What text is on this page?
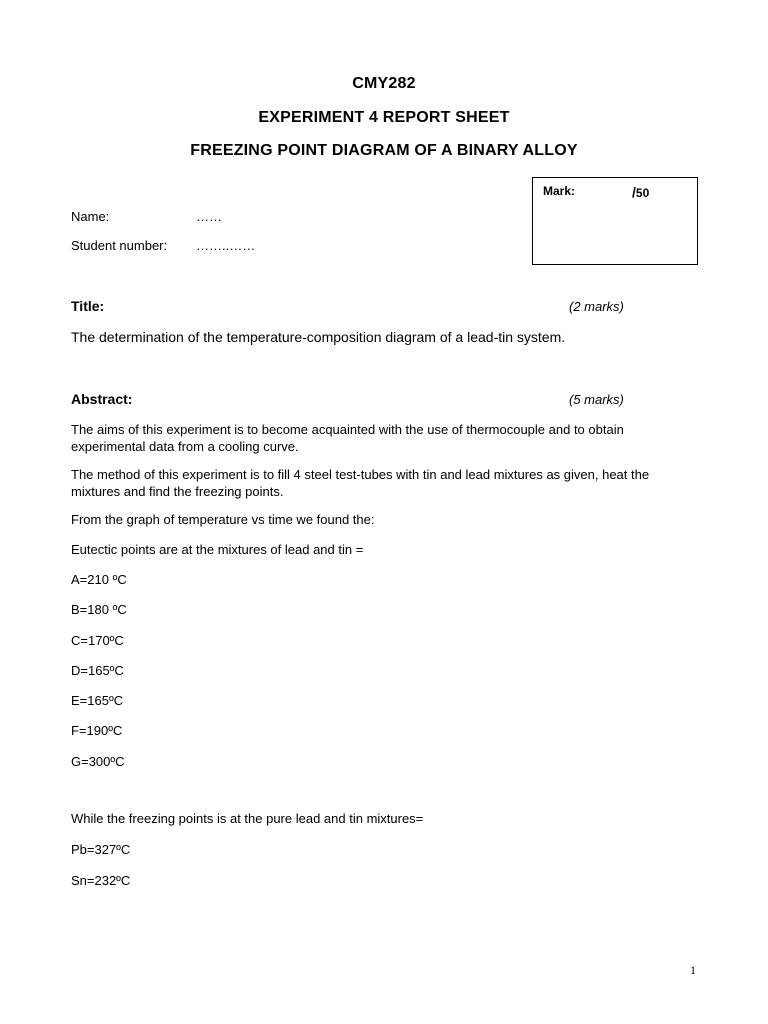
CMY282
EXPERIMENT 4 REPORT SHEET
FREEZING POINT DIAGRAM OF A BINARY ALLOY
Mark:	/50
Name:	……
Student number: ……..……
Title:	(2 marks)
The determination of the temperature-composition diagram of a lead-tin system.
Abstract:	(5 marks)
The aims of this experiment is to become acquainted with the use of thermocouple and to obtain experimental data from a cooling curve.
The method of this experiment is to fill 4 steel test-tubes with tin and lead mixtures as given, heat the mixtures and find the freezing points.
From the graph of temperature vs time we found the:
Eutectic points are at the mixtures of lead and tin =
A=210 ºC
B=180 ºC
C=170ºC
D=165ºC
E=165ºC
F=190ºC
G=300ºC
While the freezing points is at the pure lead and tin mixtures=
Pb=327ºC
Sn=232ºC
1
